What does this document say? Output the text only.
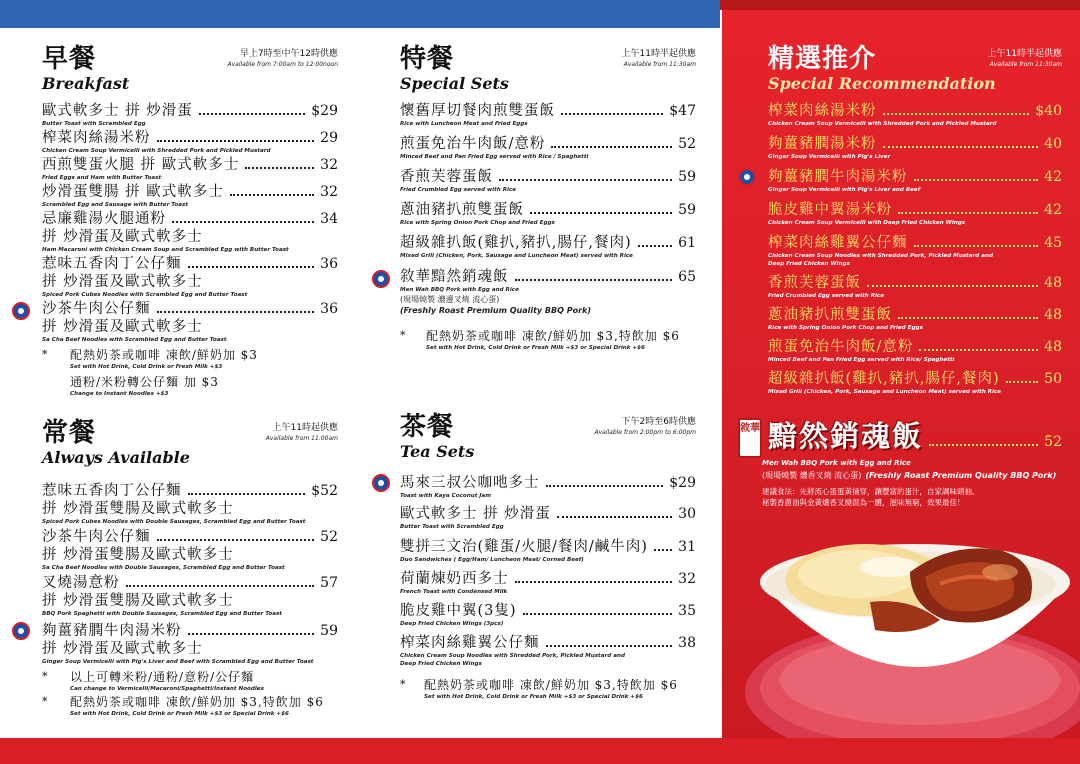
早餐
Breakfast
早上7時至中午12時供應
Available from 7:00am to 12:00noon
歐式軟多士 拼 炒滑蛋	$29
Butter Toast with Scrambled Egg
榨菜肉絲湯米粉	29
Chicken Cream Soup Vermicelli with Shredded Pork and Pickled Mustard
西煎雙蛋火腿 拼 歐式軟多士	32
Fried Eggs and Ham with Butter Toast
炒滑蛋雙腸 拼 歐式軟多士	32
Scrambled Egg and Sausage with Butter Toast
忌廉雞湯火腿通粉	34
拼 炒滑蛋及歐式軟多士
Ham Macaroni with Chicken Cream Soup and Scrambled Egg with Butter Toast
惹味五香肉丁公仔麵	36
拼 炒滑蛋及歐式軟多士
Spiced Pork Cubes Noodles with Scrambled Egg and Butter Toast
沙茶牛肉公仔麵	36
拼 炒滑蛋及歐式軟多士
Sa Cha Beef Noodles with Scrambled Egg and Butter Toast
* 配熱奶茶或咖啡 凍飲/鮮奶加 $3
Set with Hot Drink, Cold Drink or Fresh Milk +$3
通粉/米粉轉公仔麵 加 $3
Change to Instant Noodles +$3
特餐
Special Sets
上午11時半起供應
Available from 11:30am
懷舊厚切餐肉煎雙蛋飯	$47
Rice with Luncheon Meat and Fried Eggs
煎蛋免治牛肉飯/意粉	52
Minced Beef and Pan Fried Egg served with Rice / Spaghetti
香煎芙蓉蛋飯	59
Fried Crumbled Egg served with Rice
蔥油豬扒煎雙蛋飯	59
Rice with Spring Onion Pork Chop and Fried Eggs
超級雜扒飯(雞扒,豬扒,腸仔,餐肉)	61
Mixed Grill (Chicken, Pork, Sausage and Luncheon Meat) served with Rice
敘華黯然銷魂飯	65
Men Wah BBQ Pork with Egg and Rice
(現場燒製 濃邊叉燒 流心蛋)
(Freshly Roast Premium Quality BBQ Pork)
* 配熱奶茶或咖啡 凍飲/鮮奶加 $3,特飲加 $6
Set with Hot Drink, Cold Drink or Fresh Milk +$3 or Special Drink +$6
常餐
Always Available
上午11時起供應
Available from 11:00am
惹味五香肉丁公仔麵	$52
拼 炒滑蛋雙腸及歐式軟多士
Spiced Pork Cubes Noodles with Double Sausages, Scrambled Egg and Butter Toast
沙茶牛肉公仔麵	52
拼 炒滑蛋雙腸及歐式軟多士
Sa Cha Beef Noodles with Double Sausages, Scrambled Egg and Butter Toast
叉燒湯意粉	57
拼 炒滑蛋雙腸及歐式軟多士
BBQ Pork Spaghetti with Double Sausages, Scrambled Egg and Butter Toast
夠薑豬膶牛肉湯米粉	59
拼 炒滑蛋及歐式軟多士
Ginger Soup Vermicelli with Pig's Liver and Beef with Scrambled Egg and Butter Toast
* 以上可轉米粉/通粉/意粉/公仔麵
Can change to Vermicelli/Macaroni/Spaghetti/Instant Noodles
* 配熱奶茶或咖啡 凍飲/鮮奶加 $3,特飲加 $6
Set with Hot Drink, Cold Drink or Fresh Milk +$3 or Special Drink +$6
茶餐
Tea Sets
下午2時至6時供應
Available from 2:00pm to 6:00pm
馬來三叔公咖吔多士	$29
Toast with Kaya Coconut Jam
歐式軟多士 拼 炒滑蛋	30
Butter Toast with Scrambled Egg
雙拼三文治(雞蛋/火腿/餐肉/鹹牛肉) 31
Duo Sandwiches ( Egg/Ham/ Luncheon Meat/ Corned Beef)
荷蘭煉奶西多士	32
French Toast with Condensed Milk
脆皮雞中翼(3隻)	35
Deep Fried Chicken Wings (3pcs)
榨菜肉絲雞翼公仔麵	38
Chicken Cream Soup Noodles with Shredded Pork, Pickled Mustard and
Deep Fried Chicken Wings
* 配熱奶茶或咖啡 凍飲/鮮奶加 $3,特飲加 $6
Set with Hot Drink, Cold Drink or Fresh Milk +$3 or Special Drink +$6
精選推介
Special Recommendation
上午11時半起供應
Available from 11:30am
榨菜肉絲湯米粉	$40
Chicken Cream Soup Vermicelli with Shredded Pork and Pickled Mustard
夠薑豬膶湯米粉	40
Ginger Soup Vermicelli with Pig's Liver
夠薑豬膶牛肉湯米粉	42
Ginger Soup Vermicelli with Pig's Liver and Beef
脆皮雞中翼湯米粉	42
Chicken Cream Soup Vermicelli with Deep Fried Chicken Wings
榨菜肉絲雞翼公仔麵	45
Chicken Cream Soup Noodles with Shredded Pork, Pickled Mustard and
Deep Fried Chicken Wings
香煎芙蓉蛋飯	48
Fried Crumbled Egg served with Rice
蔥油豬扒煎雙蛋飯	48
Rice with Spring Onion Pork Chop and Fried Eggs
煎蛋免治牛肉飯/意粉	48
Minced Beef and Pan Fried Egg served with Rice/ Spaghetti
超級雜扒飯(雞扒,豬扒,腸仔,餐肉)	50
Mixed Grill (Chicken, Pork, Sausage and Luncheon Meat) served with Rice
敘華 黯然銷魂飯	52
Men Wah BBQ Pork with Egg and Rice
(現場燒製 燶香叉燒 流心蛋) (Freshly Roast Premium Quality BBQ Pork)
建議食法：先將流心蛋蛋黃捅穿，讓豐富的蛋汁，自家調味頭抽、
秘製香蔥油與金黃燶香叉燒混為一體，滋味無窮，效果最佳！
